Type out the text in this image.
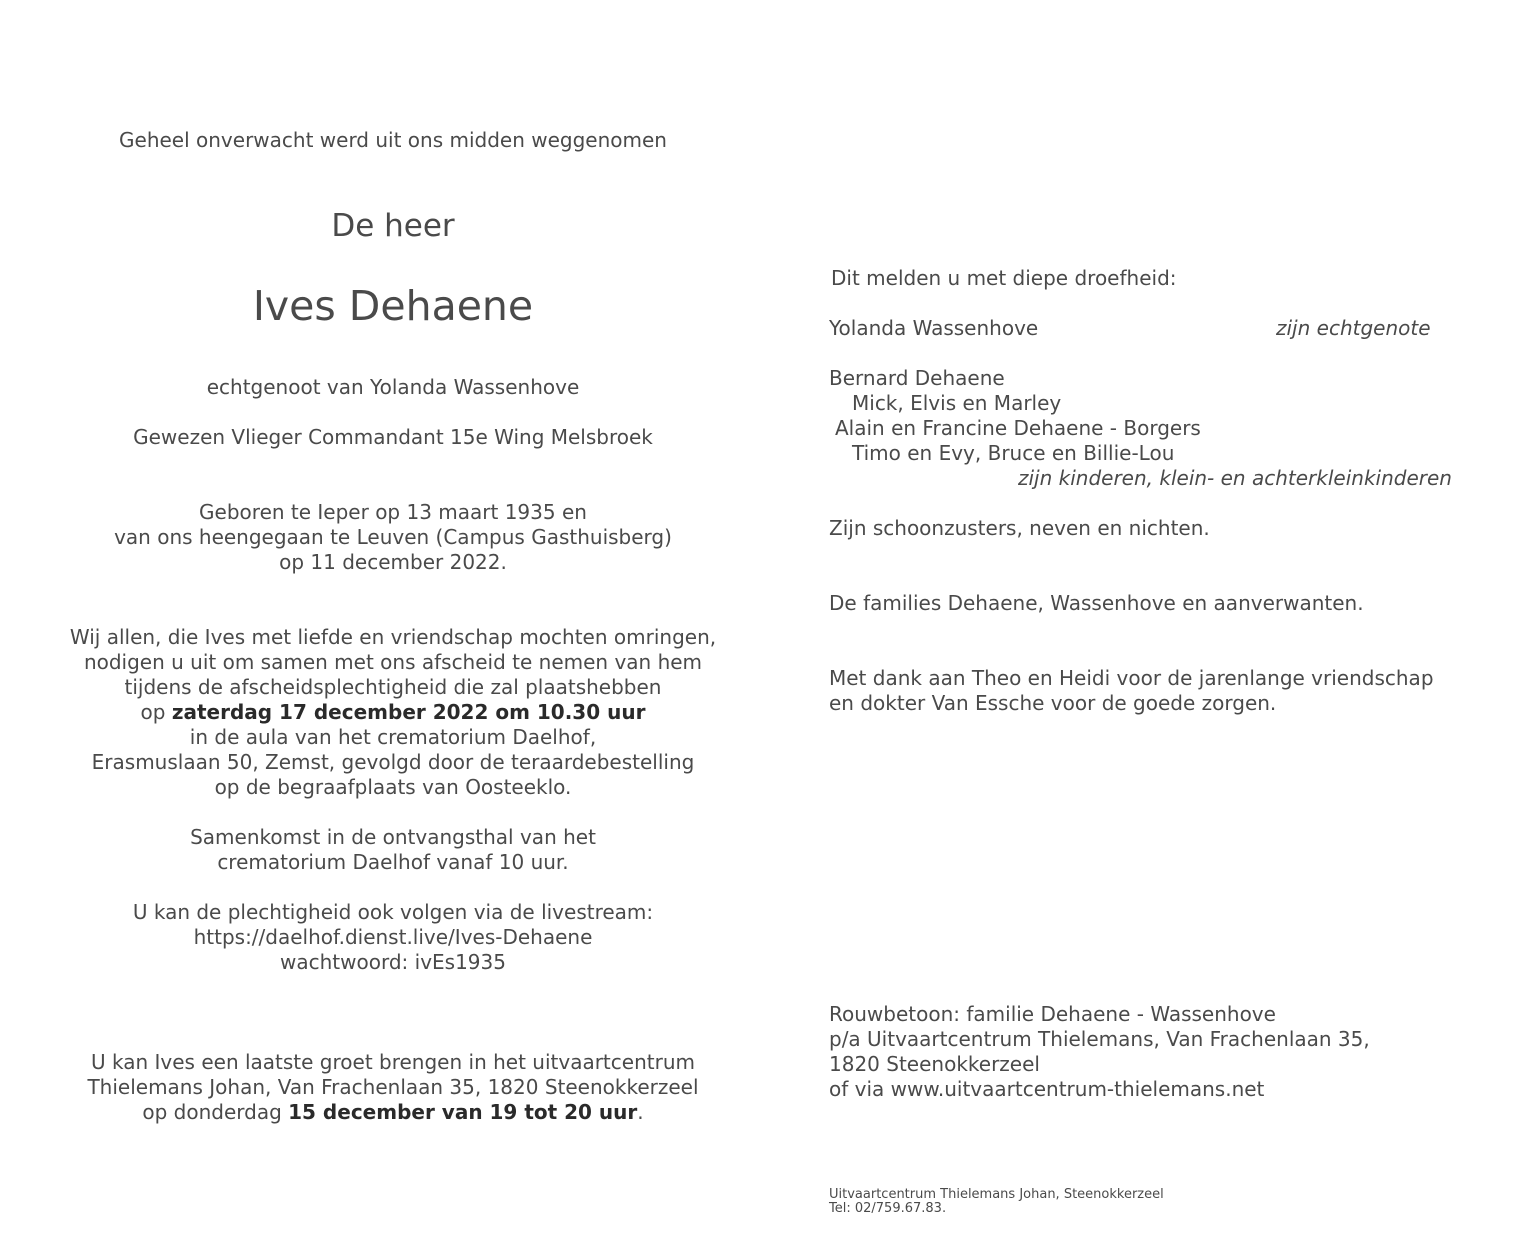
Geheel onverwacht werd uit ons midden weggenomen
De heer
Ives Dehaene
echtgenoot van Yolanda Wassenhove
Gewezen Vlieger Commandant 15e Wing Melsbroek
Geboren te Ieper op 13 maart 1935 en
van ons heengegaan te Leuven (Campus Gasthuisberg)
op 11 december 2022.
Wij allen, die Ives met liefde en vriendschap mochten omringen,
nodigen u uit om samen met ons afscheid te nemen van hem
tijdens de afscheidsplechtigheid die zal plaatshebben
op zaterdag 17 december 2022 om 10.30 uur
in de aula van het crematorium Daelhof,
Erasmuslaan 50, Zemst, gevolgd door de teraardebestelling
op de begraafplaats van Oosteeklo.
Samenkomst in de ontvangsthal van het
crematorium Daelhof vanaf 10 uur.
U kan de plechtigheid ook volgen via de livestream:
https://daelhof.dienst.live/Ives-Dehaene
wachtwoord: ivEs1935
U kan Ives een laatste groet brengen in het uitvaartcentrum
Thielemans Johan, Van Frachenlaan 35, 1820 Steenokkerzeel
op donderdag 15 december van 19 tot 20 uur.
Dit melden u met diepe droefheid:
Yolanda Wassenhove	zijn echtgenote
Bernard Dehaene
Mick, Elvis en Marley
Alain en Francine Dehaene - Borgers
Timo en Evy, Bruce en Billie-Lou
zijn kinderen, klein- en achterkleinkinderen
Zijn schoonzusters, neven en nichten.
De families Dehaene, Wassenhove en aanverwanten.
Met dank aan Theo en Heidi voor de jarenlange vriendschap
en dokter Van Essche voor de goede zorgen.
Rouwbetoon: familie Dehaene - Wassenhove
p/a Uitvaartcentrum Thielemans, Van Frachenlaan 35,
1820 Steenokkerzeel
of via www.uitvaartcentrum-thielemans.net
Uitvaartcentrum Thielemans Johan, Steenokkerzeel
Tel: 02/759.67.83.
